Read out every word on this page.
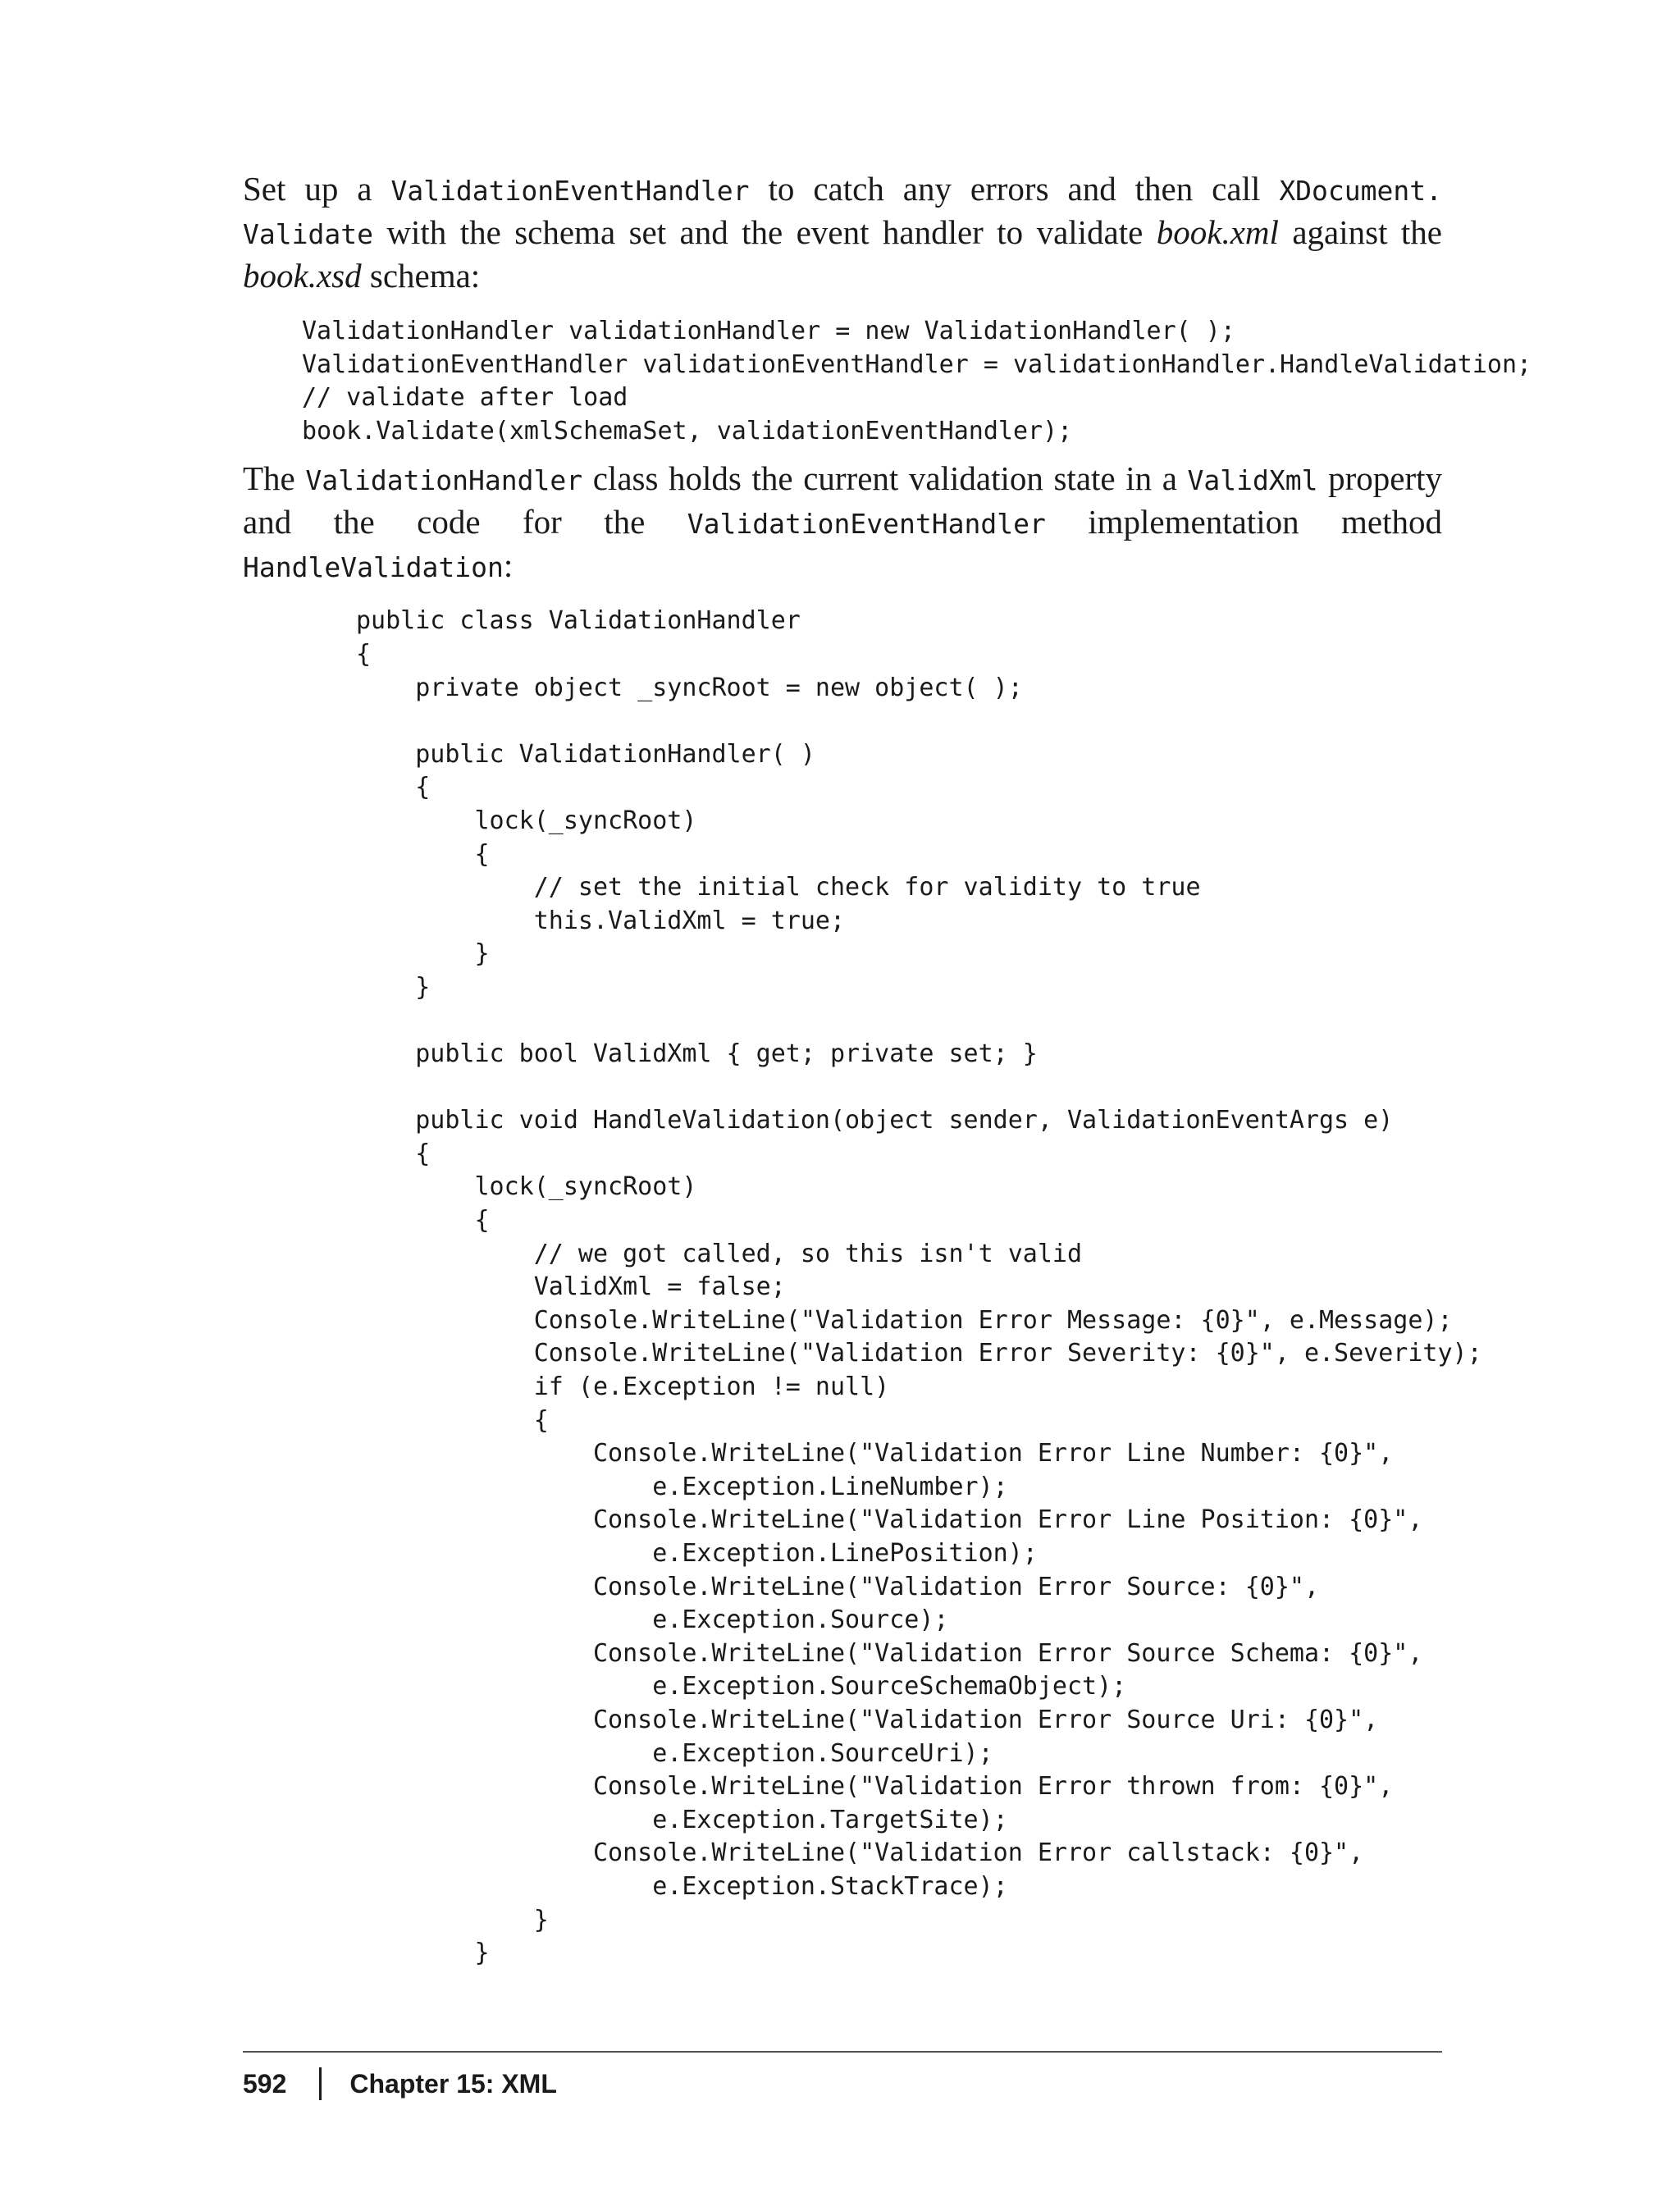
Set up a ValidationEventHandler to catch any errors and then call XDocument. Validate with the schema set and the event handler to validate book.xml against the book.xsd schema:

ValidationHandler validationHandler = new ValidationHandler( );
ValidationEventHandler validationEventHandler = validationHandler.HandleValidation;
// validate after load
book.Validate(xmlSchemaSet, validationEventHandler);

The ValidationHandler class holds the current validation state in a ValidXml property and the code for the ValidationEventHandler implementation method HandleValidation:

public class ValidationHandler
{
private object _syncRoot = new object( );

public ValidationHandler( )
{
lock(_syncRoot)
{
// set the initial check for validity to true
this.ValidXml = true;
}
}

public bool ValidXml { get; private set; }

public void HandleValidation(object sender, ValidationEventArgs e)
{
lock(_syncRoot)
{
// we got called, so this isn't valid
ValidXml = false;
Console.WriteLine("Validation Error Message: {0}", e.Message);
Console.WriteLine("Validation Error Severity: {0}", e.Severity);
if (e.Exception != null)
{
Console.WriteLine("Validation Error Line Number: {0}",
e.Exception.LineNumber);
Console.WriteLine("Validation Error Line Position: {0}",
e.Exception.LinePosition);
Console.WriteLine("Validation Error Source: {0}",
e.Exception.Source);
Console.WriteLine("Validation Error Source Schema: {0}",
e.Exception.SourceSchemaObject);
Console.WriteLine("Validation Error Source Uri: {0}",
e.Exception.SourceUri);
Console.WriteLine("Validation Error thrown from: {0}",
e.Exception.TargetSite);
Console.WriteLine("Validation Error callstack: {0}",
e.Exception.StackTrace);
}
}
592 Chapter 15: XML
